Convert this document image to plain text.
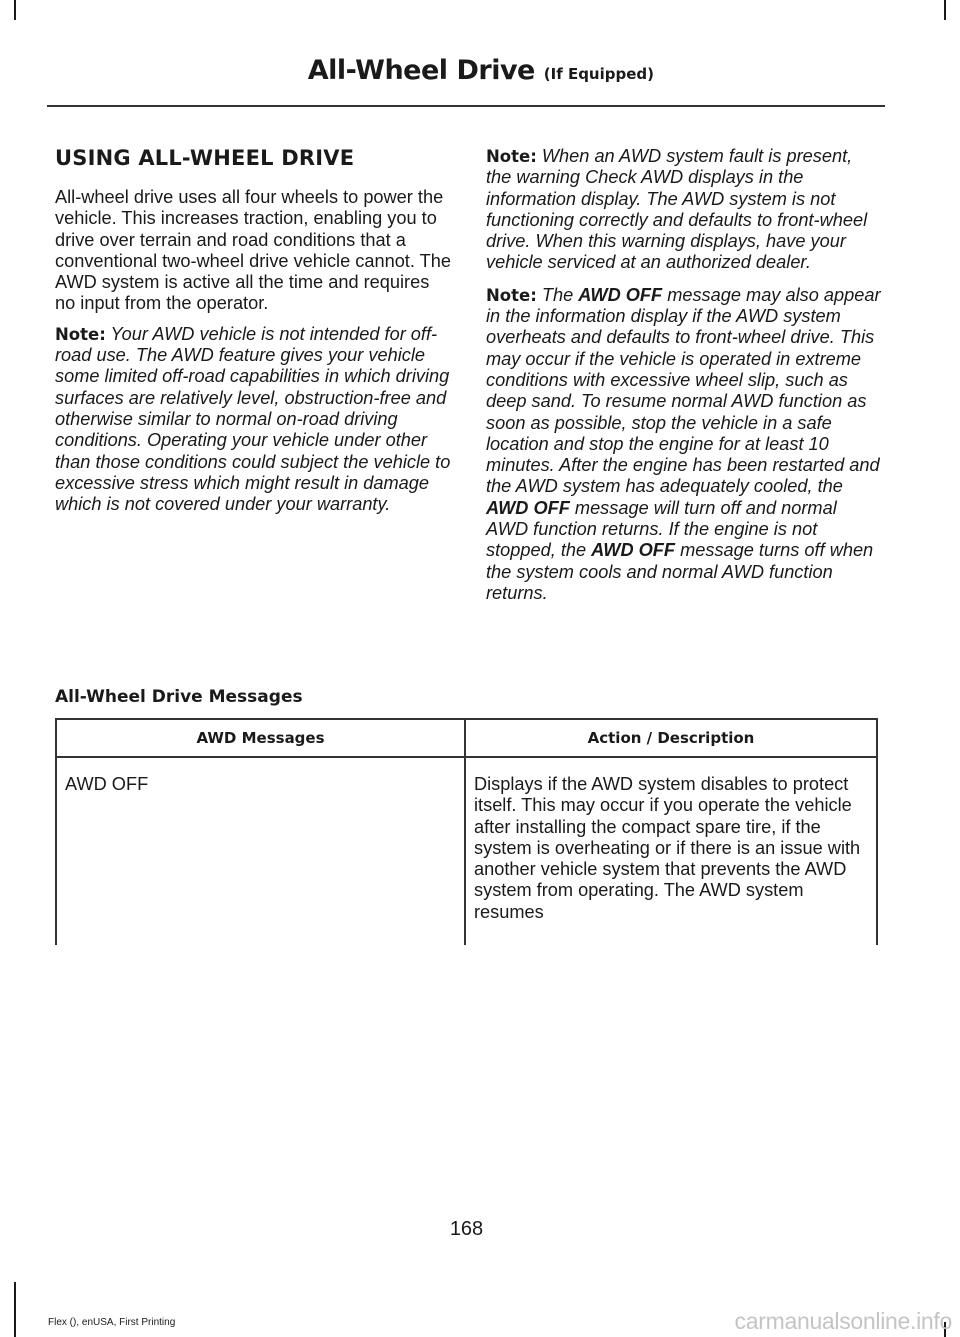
All-Wheel Drive (If Equipped)
USING ALL-WHEEL DRIVE

All-wheel drive uses all four wheels to power the vehicle. This increases traction, enabling you to drive over terrain and road conditions that a conventional two-wheel drive vehicle cannot. The AWD system is active all the time and requires no input from the operator.

Note: Your AWD vehicle is not intended for off-road use. The AWD feature gives your vehicle some limited off-road capabilities in which driving surfaces are relatively level, obstruction-free and otherwise similar to normal on-road driving conditions. Operating your vehicle under other than those conditions could subject the vehicle to excessive stress which might result in damage which is not covered under your warranty.

Note: When an AWD system fault is present, the warning Check AWD displays in the information display. The AWD system is not functioning correctly and defaults to front-wheel drive. When this warning displays, have your vehicle serviced at an authorized dealer.

Note: The AWD OFF message may also appear in the information display if the AWD system overheats and defaults to front-wheel drive. This may occur if the vehicle is operated in extreme conditions with excessive wheel slip, such as deep sand. To resume normal AWD function as soon as possible, stop the vehicle in a safe location and stop the engine for at least 10 minutes. After the engine has been restarted and the AWD system has adequately cooled, the AWD OFF message will turn off and normal AWD function returns. If the engine is not stopped, the AWD OFF message turns off when the system cools and normal AWD function returns.

All-Wheel Drive Messages
AWD Messages	Action / Description
AWD OFF	Displays if the AWD system disables to protect itself. This may occur if you operate the vehicle after installing the compact spare tire, if the system is overheating or if there is an issue with another vehicle system that prevents the AWD system from operating. The AWD system resumes
168
Flex (), enUSA, First Printing	carmanualsonline.info
